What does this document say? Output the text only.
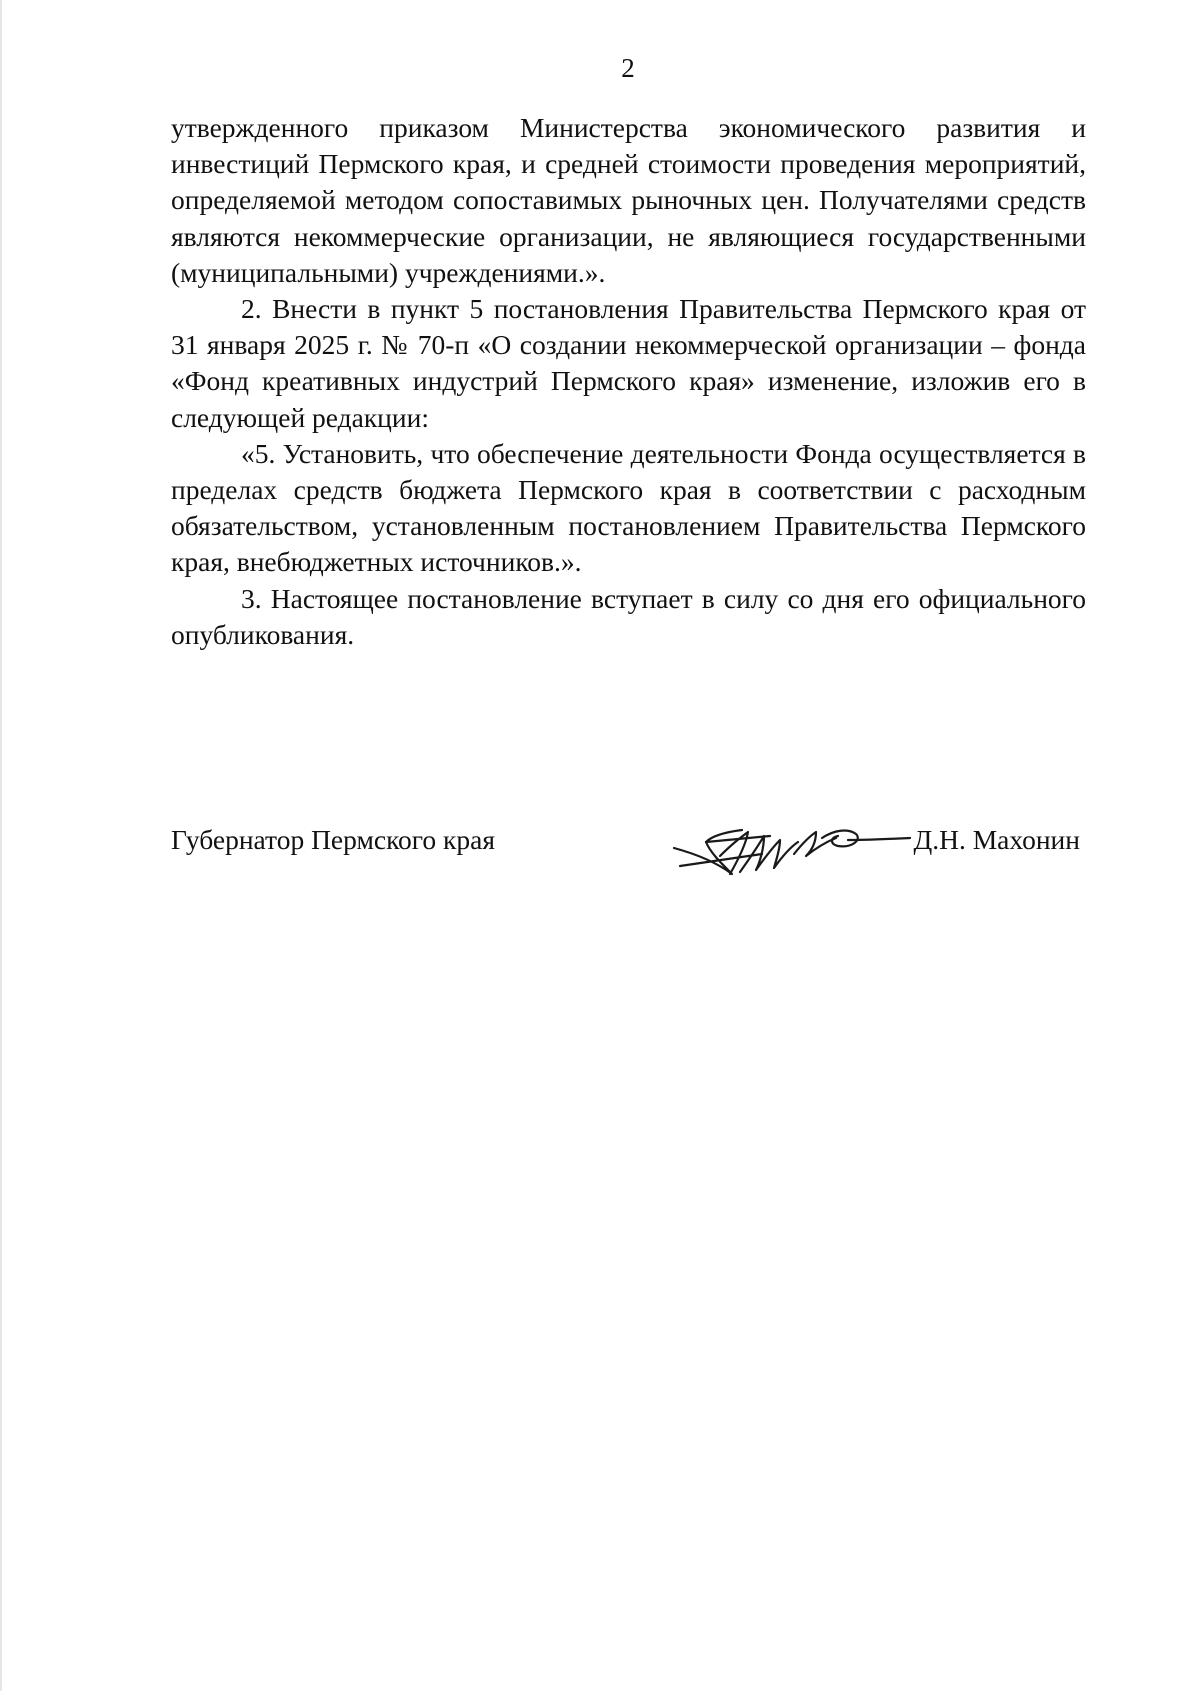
2

утвержденного приказом Министерства экономического развития и инвестиций Пермского края, и средней стоимости проведения мероприятий, определяемой методом сопоставимых рыночных цен. Получателями средств являются некоммерческие организации, не являющиеся государственными (муниципальными) учреждениями.».

2. Внести в пункт 5 постановления Правительства Пермского края от 31 января 2025 г. № 70-п «О создании некоммерческой организации – фонда «Фонд креативных индустрий Пермского края» изменение, изложив его в следующей редакции:

«5. Установить, что обеспечение деятельности Фонда осуществляется в пределах средств бюджета Пермского края в соответствии с расходным обязательством, установленным постановлением Правительства Пермского края, внебюджетных источников.».

3. Настоящее постановление вступает в силу со дня его официального опубликования.

Губернатор Пермского края	Д.Н. Махонин
